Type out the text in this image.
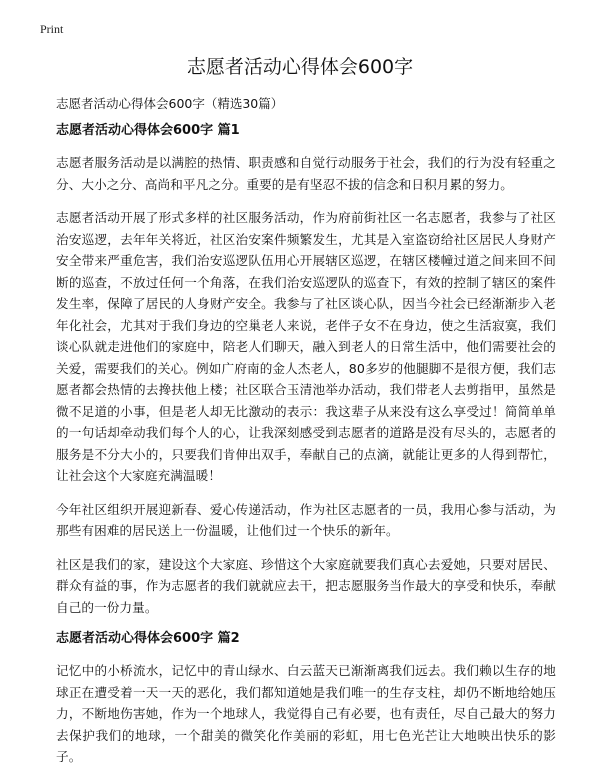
Print
志愿者活动心得体会600字

志愿者活动心得体会600字（精选30篇）

志愿者活动心得体会600字 篇1

志愿者服务活动是以满腔的热情、职责感和自觉行动服务于社会，我们的行为没有轻重之分、大小之分、高尚和平凡之分。重要的是有坚忍不拔的信念和日积月累的努力。

志愿者活动开展了形式多样的社区服务活动，作为府前街社区一名志愿者，我参与了社区治安巡逻，去年年关将近，社区治安案件频繁发生，尤其是入室盗窃给社区居民人身财产安全带来严重危害，我们治安巡逻队伍用心开展辖区巡逻，在辖区楼幢过道之间来回不间断的巡查，不放过任何一个角落，在我们治安巡逻队的巡查下，有效的控制了辖区的案件发生率，保障了居民的人身财产安全。我参与了社区谈心队，因当今社会已经渐渐步入老年化社会，尤其对于我们身边的空巢老人来说，老伴子女不在身边，使之生活寂寞，我们谈心队就走进他们的家庭中，陪老人们聊天，融入到老人的日常生活中，他们需要社会的关爱，需要我们的关心。例如广府南的金人杰老人，80多岁的他腿脚不是很方便，我们志愿者都会热情的去搀扶他上楼；社区联合玉清池举办活动，我们带老人去剪指甲，虽然是微不足道的小事，但是老人却无比激动的表示：我这辈子从来没有这么享受过！简简单单的一句话却牵动我们每个人的心，让我深刻感受到志愿者的道路是没有尽头的，志愿者的服务是不分大小的，只要我们肯伸出双手，奉献自己的点滴，就能让更多的人得到帮忙，让社会这个大家庭充满温暖！

今年社区组织开展迎新春、爱心传递活动，作为社区志愿者的一员，我用心参与活动，为那些有困难的居民送上一份温暖，让他们过一个快乐的新年。

社区是我们的家，建设这个大家庭、珍惜这个大家庭就要我们真心去爱她，只要对居民、群众有益的事，作为志愿者的我们就就应去干，把志愿服务当作最大的享受和快乐，奉献自己的一份力量。

志愿者活动心得体会600字 篇2

记忆中的小桥流水，记忆中的青山绿水、白云蓝天已渐渐离我们远去。我们赖以生存的地球正在遭受着一天一天的恶化，我们都知道她是我们唯一的生存支柱，却仍不断地给她压力，不断地伤害她，作为一个地球人，我觉得自己有必要，也有责任，尽自己最大的努力去保护我们的地球，一个甜美的微笑化作美丽的彩虹，用七色光芒让大地映出快乐的影子。
